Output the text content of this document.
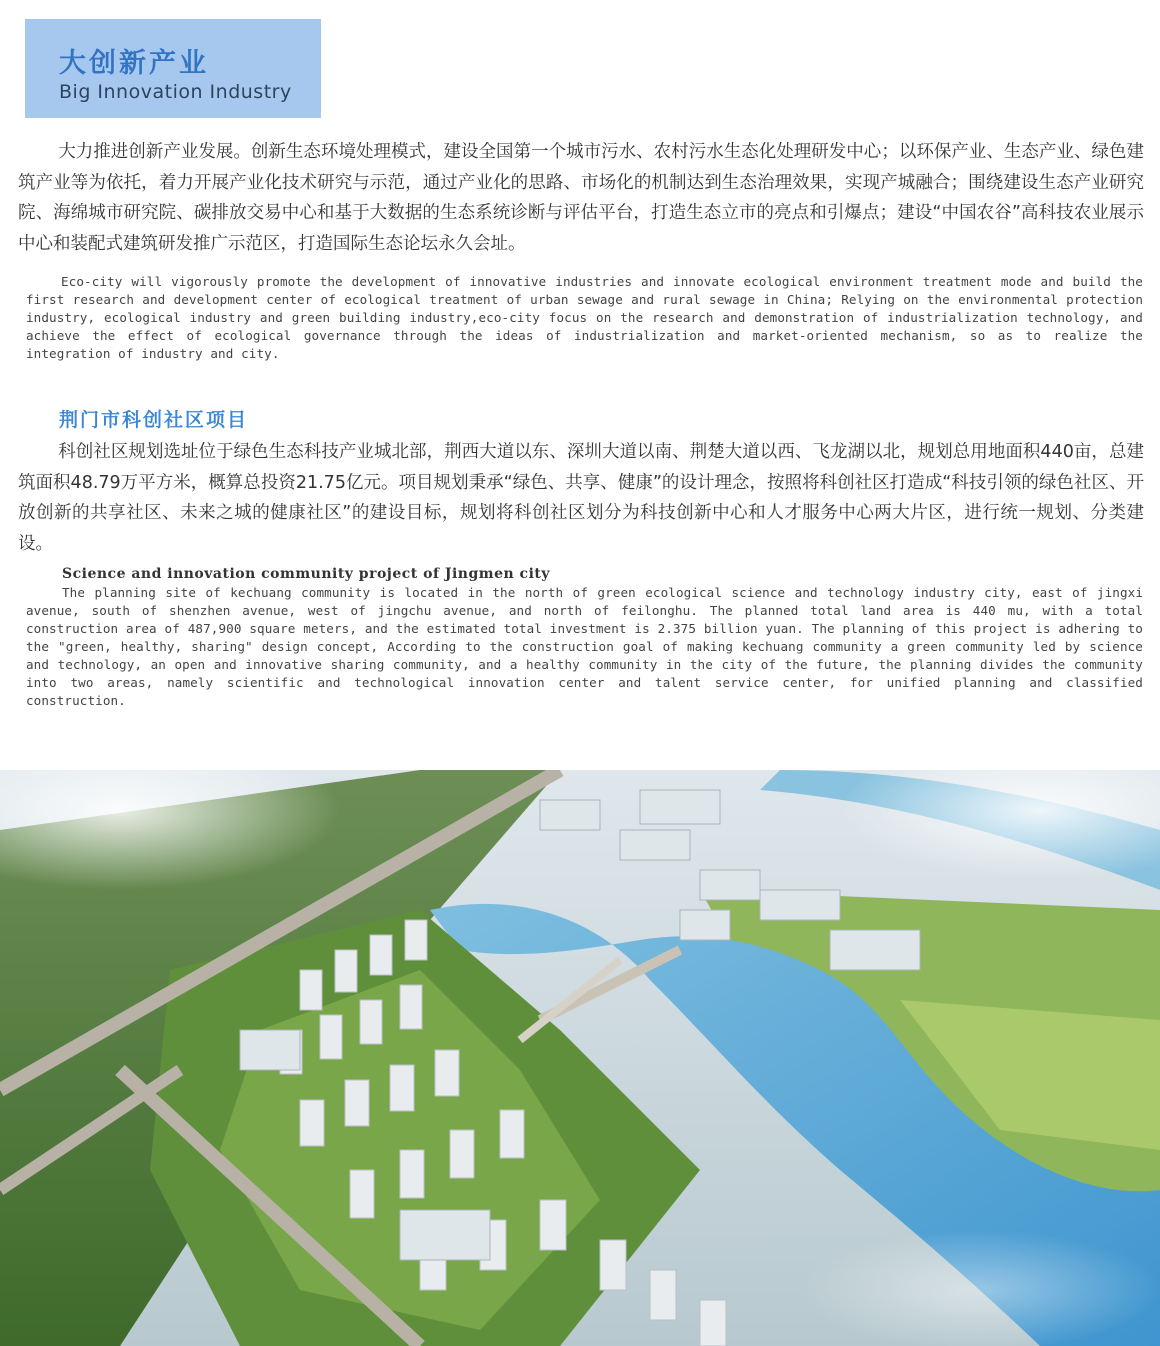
大创新产业
Big Innovation Industry

大力推进创新产业发展。创新生态环境处理模式，建设全国第一个城市污水、农村污水生态化处理研发中心；以环保产业、生态产业、绿色建筑产业等为依托，着力开展产业化技术研究与示范，通过产业化的思路、市场化的机制达到生态治理效果，实现产城融合；围绕建设生态产业研究院、海绵城市研究院、碳排放交易中心和基于大数据的生态系统诊断与评估平台，打造生态立市的亮点和引爆点；建设“中国农谷”高科技农业展示中心和装配式建筑研发推广示范区，打造国际生态论坛永久会址。

Eco-city will vigorously promote the development of innovative industries and innovate ecological environment treatment mode and build the first research and development center of ecological treatment of urban sewage and rural sewage in China; Relying on the environmental protection industry, ecological industry and green building industry,eco-city focus on the research and demonstration of industrialization technology, and achieve the effect of ecological governance through the ideas of industrialization and market-oriented mechanism, so as to realize the integration of industry and city.

荆门市科创社区项目

科创社区规划选址位于绿色生态科技产业城北部，荆西大道以东、深圳大道以南、荆楚大道以西、飞龙湖以北，规划总用地面积440亩，总建筑面积48.79万平方米，概算总投资21.75亿元。项目规划秉承“绿色、共享、健康”的设计理念，按照将科创社区打造成“科技引领的绿色社区、开放创新的共享社区、未来之城的健康社区”的建设目标，规划将科创社区划分为科技创新中心和人才服务中心两大片区，进行统一规划、分类建设。

Science and innovation community project of Jingmen city

The planning site of kechuang community is located in the north of green ecological science and technology industry city, east of jingxi avenue, south of shenzhen avenue, west of jingchu avenue, and north of feilonghu. The planned total land area is 440 mu, with a total construction area of 487,900 square meters, and the estimated total investment is 2.375 billion yuan. The planning of this project is adhering to the "green, healthy, sharing" design concept, According to the construction goal of making kechuang community a green community led by science and technology, an open and innovative sharing community, and a healthy community in the city of the future, the planning divides the community into two areas, namely scientific and technological innovation center and talent service center, for unified planning and classified construction.
